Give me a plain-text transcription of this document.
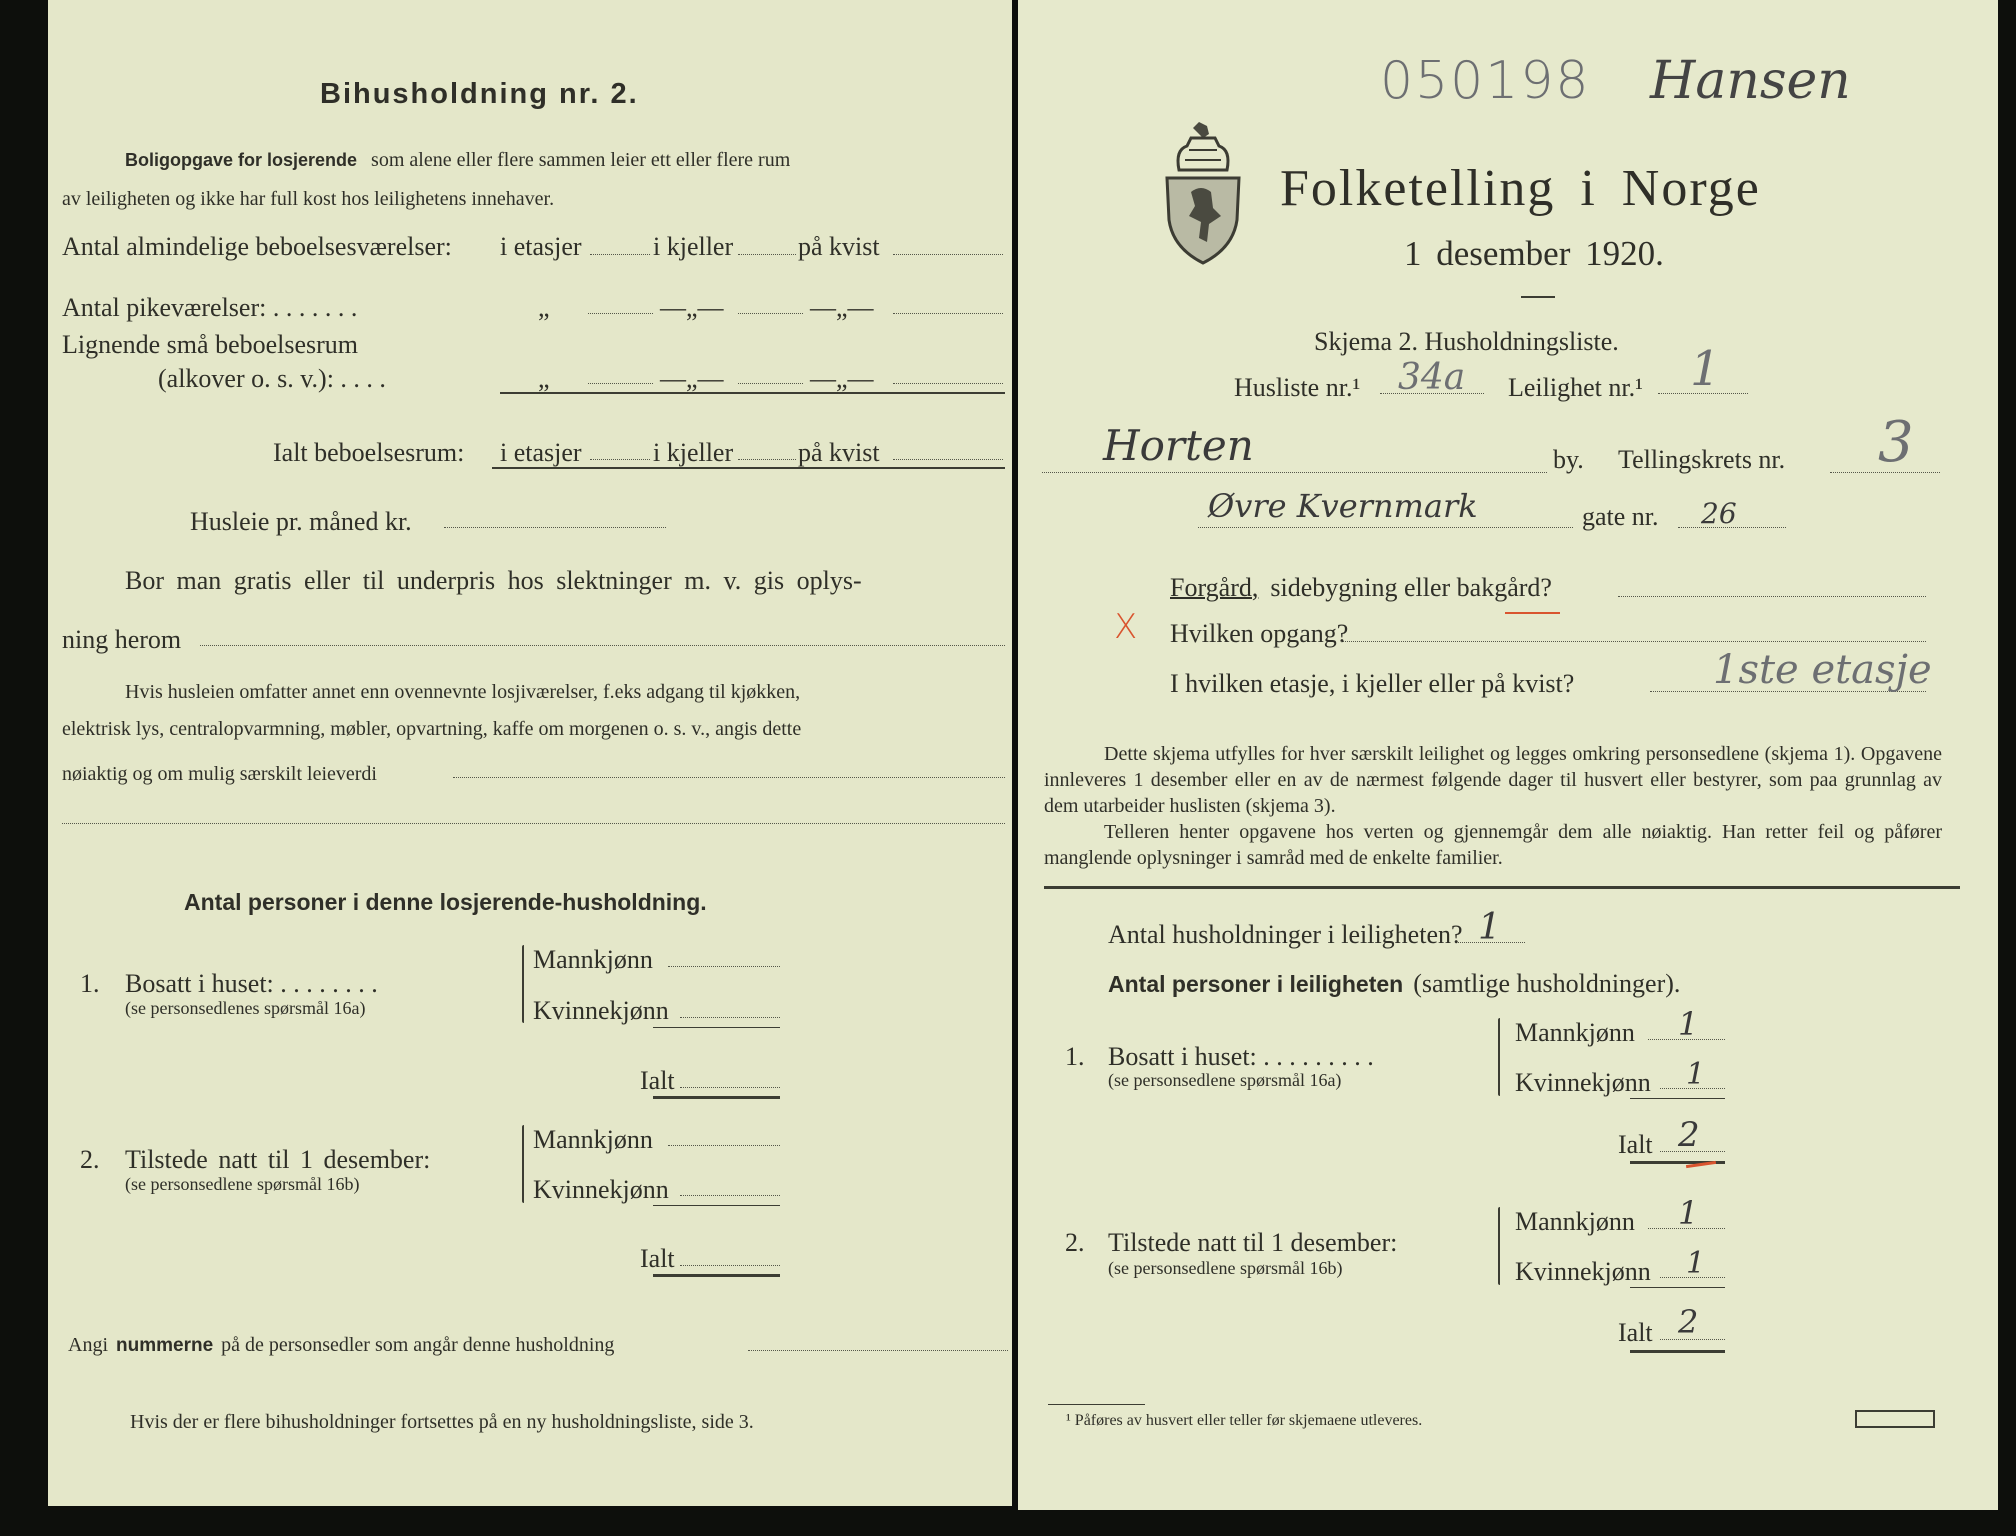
Bihusholdning nr. 2.
Boligopgave for losjerende som alene eller flere sammen leier ett eller flere rum
av leiligheten og ikke har full kost hos leilighetens innehaver.
Antal almindelige beboelsesværelser: i etasjer	i kjeller på kvist
Antal pikeværelser: . . . . . . .	„	—„—	—„—
Lignende små beboelsesrum
(alkover o. s. v.): . . . .	„	—„—	—„—
Ialt beboelsesrum: i etasjer	i kjeller på kvist
Husleie pr. måned kr.
Bor man gratis eller til underpris hos slektninger m. v. gis oplys-
ning herom
Hvis husleien omfatter annet enn ovennevnte losjiværelser, f.eks adgang til kjøkken,
elektrisk lys, centralopvarmning, møbler, opvartning, kaffe om morgenen o. s. v., angis dette
nøiaktig og om mulig særskilt leieverdi
Antal personer i denne losjerende-husholdning.
1. Bosatt i huset: . . . . . . . .
(se personsedlenes spørsmål 16a)
Mannkjønn
Kvinnekjønn
Ialt
2. Tilstede natt til 1 desember:
(se personsedlene spørsmål 16b)
Mannkjønn
Kvinnekjønn
Ialt
Angi nummerne på de personsedler som angår denne husholdning
Hvis der er flere bihusholdninger fortsettes på en ny husholdningsliste, side 3.
050198 Hansen
Folketelling i Norge
1 desember 1920.
Skjema 2. Husholdningsliste.
Husliste nr.¹ 34a Leilighet nr.¹ 1
Horten	by. Tellingskrets nr. 3
Øvre Kvernmark	gate nr. 26
Forgård, sidebygning eller bakgård?
X Hvilken opgang?
I hvilken etasje, i kjeller eller på kvist?	1ste etasje
Dette skjema utfylles for hver særskilt leilighet og legges omkring personsedlene (skjema 1). Opgavene innleveres 1 desember eller en av de nærmest følgende dager til husvert eller bestyrer, som paa grunnlag av dem utarbeider huslisten (skjema 3).
Telleren henter opgavene hos verten og gjennemgår dem alle nøiaktig. Han retter feil og påfører manglende oplysninger i samråd med de enkelte familier.
Antal husholdninger i leiligheten? 1
Antal personer i leiligheten (samtlige husholdninger).
1. Bosatt i huset: . . . . . . . . .
(se personsedlene spørsmål 16a)
Mannkjønn 1
Kvinnekjønn 1
Ialt 2
2. Tilstede natt til 1 desember:
(se personsedlene spørsmål 16b)
Mannkjønn 1
Kvinnekjønn 1
Ialt 2
¹ Påføres av husvert eller teller før skjemaene utleveres.
